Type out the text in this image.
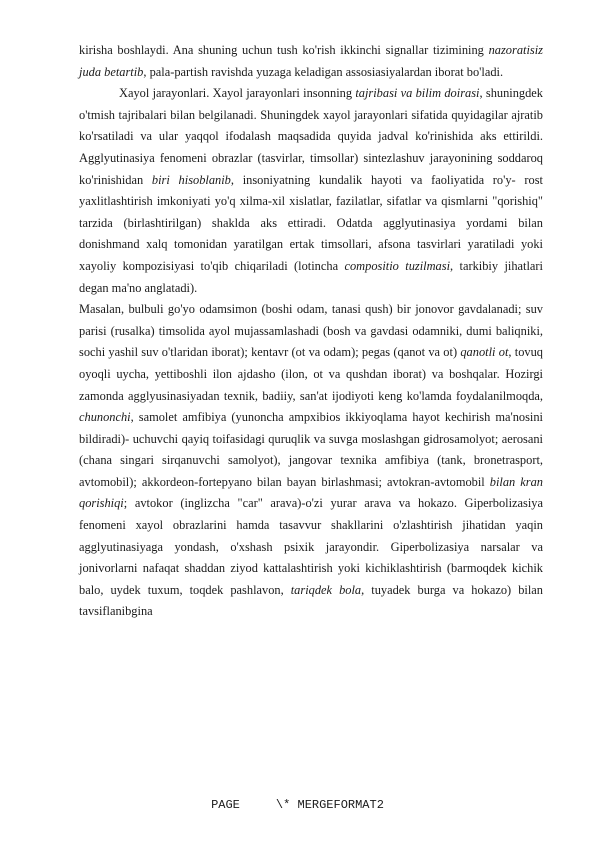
kirisha boshlaydi. Ana shuning uchun tush ko'rish ikkinchi signallar tizimining nazoratisiz juda betartib, pala-partish ravishda yuzaga keladigan assosiasiyalardan iborat bo'ladi.

Xayol jarayonlari. Xayol jarayonlari insonning tajribasi va bilim doirasi, shuningdek o'tmish tajribalari bilan belgilanadi. Shuningdek xayol jarayonlari sifatida quyidagilar ajratib ko'rsatiladi va ular yaqqol ifodalash maqsadida quyida jadval ko'rinishida aks ettirildi. Agglyutinasiya fenomeni obrazlar (tasvirlar, timsollar) sintezlashuv jarayonining soddaroq ko'rinishidan biri hisoblanib, insoniyatning kundalik hayoti va faoliyatida ro'y- rost yaxlitlashtirish imkoniyati yo'q xilma-xil xislatlar, fazilatlar, sifatlar va qismlarni "qorishiq" tarzida (birlashtirilgan) shaklda aks ettiradi. Odatda agglyutinasiya yordami bilan donishmand xalq tomonidan yaratilgan ertak timsollari, afsona tasvirlari yaratiladi yoki xayoliy kompozisiyasi to'qib chiqariladi (lotincha compositio tuzilmasi, tarkibiy jihatlari degan ma'no anglatadi).

Masalan, bulbuli go'yo odamsimon (boshi odam, tanasi qush) bir jonovor gavdalanadi; suv parisi (rusalka) timsolida ayol mujassamlashadi (bosh va gavdasi odamniki, dumi baliqniki, sochi yashil suv o'tlaridan iborat); kentavr (ot va odam); pegas (qanot va ot) qanotli ot, tovuq oyoqli uycha, yettiboshli ilon ajdasho (ilon, ot va qushdan iborat) va boshqalar. Hozirgi zamonda agglyusinasiyadan texnik, badiiy, san'at ijodiyoti keng ko'lamda foydalanilmoqda, chunonchi, samolet amfibiya (yunoncha ampxibios ikkiyoqlama hayot kechirish ma'nosini bildiradi)- uchuvchi qayiq toifasidagi quruqlik va suvga moslashgan gidrosamolyot; aerosani (chana singari sirqanuvchi samolyot), jangovar texnika amfibiya (tank, bronetrasport, avtomobil); akkordeon-fortepyano bilan bayan birlashmasi; avtokran-avtomobil bilan kran qorishiqi; avtokor (inglizcha "car" arava)-o'zi yurar arava va hokazo. Giperbolizasiya fenomeni xayol obrazlarini hamda tasavvur shakllarini o'zlashtirish jihatidan yaqin agglyutinasiyaga yondash, o'xshash psixik jarayondir. Giperbolizasiya narsalar va jonivorlarni nafaqat shaddan ziyod kattalashtirish yoki kichiklashtirish (barmoqdek kichik balo, uydek tuxum, toqdek pashlavon, tariqdek bola, tuyadek burga va hokazo) bilan tavsiflanibgina

PAGE	\* MERGEFORMAT2
